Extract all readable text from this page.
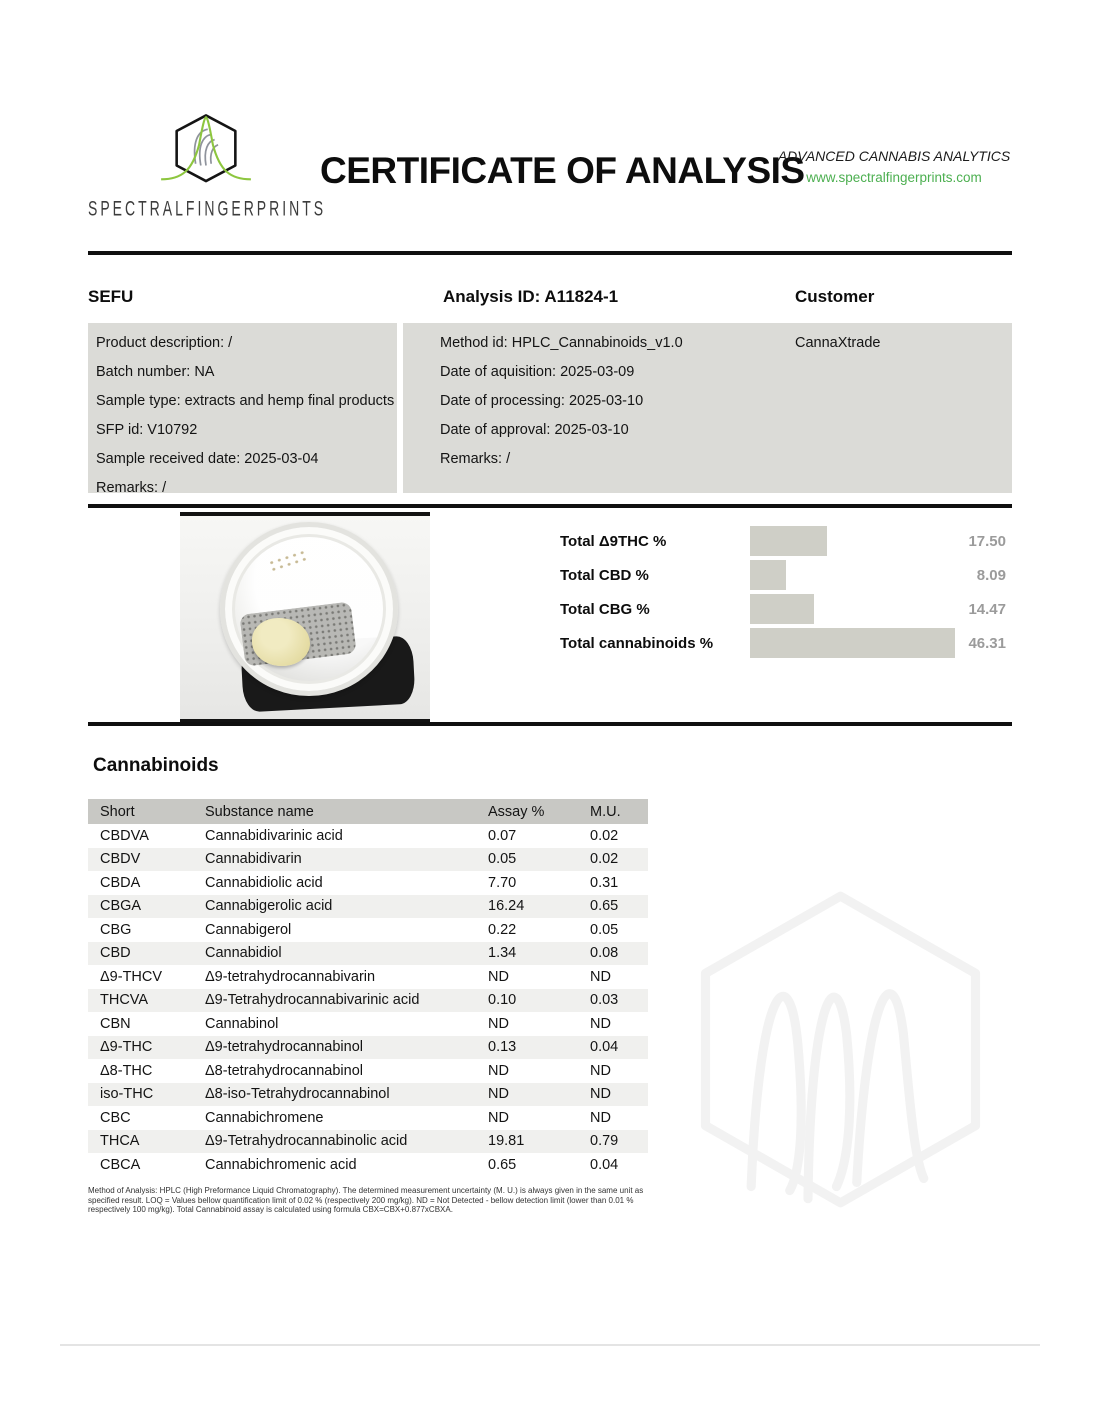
SPECTRALFINGERPRINTS
CERTIFICATE OF ANALYSIS
ADVANCED CANNABIS ANALYTICS
www.spectralfingerprints.com
SEFU	Analysis ID: A11824-1	Customer
Product description: /
Batch number: NA
Sample type: extracts and hemp final products
SFP id: V10792
Sample received date: 2025-03-04
Remarks: /
Method id: HPLC_Cannabinoids_v1.0
Date of aquisition: 2025-03-09
Date of processing: 2025-03-10
Date of approval: 2025-03-10
Remarks: /
CannaXtrade
Total Δ9THC %	17.50
Total CBD %	8.09
Total CBG %	14.47
Total cannabinoids %	46.31
Cannabinoids
Short	Substance name	Assay %	M.U.
CBDVA	Cannabidivarinic acid	0.07	0.02
CBDV	Cannabidivarin	0.05	0.02
CBDA	Cannabidiolic acid	7.70	0.31
CBGA	Cannabigerolic acid	16.24	0.65
CBG	Cannabigerol	0.22	0.05
CBD	Cannabidiol	1.34	0.08
Δ9-THCV	Δ9-tetrahydrocannabivarin	ND	ND
THCVA	Δ9-Tetrahydrocannabivarinic acid	0.10	0.03
CBN	Cannabinol	ND	ND
Δ9-THC	Δ9-tetrahydrocannabinol	0.13	0.04
Δ8-THC	Δ8-tetrahydrocannabinol	ND	ND
iso-THC	Δ8-iso-Tetrahydrocannabinol	ND	ND
CBC	Cannabichromene	ND	ND
THCA	Δ9-Tetrahydrocannabinolic acid	19.81	0.79
CBCA	Cannabichromenic acid	0.65	0.04
Method of Analysis: HPLC (High Preformance Liquid Chromatography). The determined measurement uncertainty (M. U.) is always given in the same unit as specified result. LOQ = Values bellow quantification limit of 0.02 % (respectively 200 mg/kg). ND = Not Detected - bellow detection limit (lower than 0.01 % respectively 100 mg/kg). Total Cannabinoid assay is calculated using formula CBX=CBX+0.877xCBXA.
